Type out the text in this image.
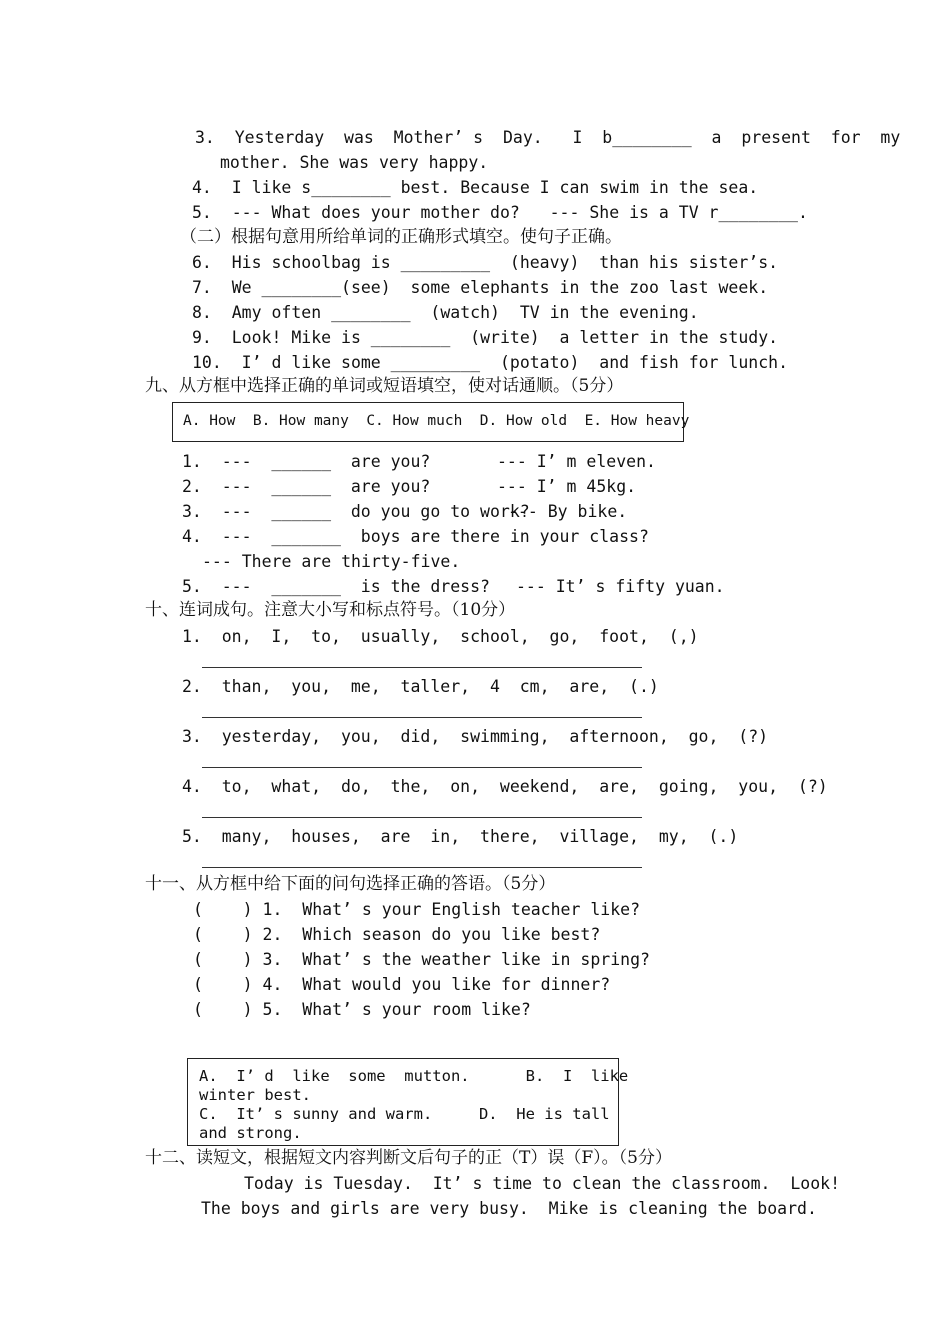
3.  Yesterday  was  Mother’ s  Day.   I  b________  a  present  for  my
mother. She was very happy.
4.  I like s________ best. Because I can swim in the sea.
5.  --- What does your mother do?   --- She is a TV r________.
（二）根据句意用所给单词的正确形式填空。使句子正确。
6.  His schoolbag is _________  (heavy)  than his sister’s.
7.  We ________(see)  some elephants in the zoo last week.
8.  Amy often ________  (watch)  TV in the evening.
9.  Look! Mike is ________  (write)  a letter in the study.
10.  I’ d like some _________  (potato)  and fish for lunch.
九、从方框中选择正确的单词或短语填空，使对话通顺。（5分）
A. How  B. How many  C. How much  D. How old  E. How heavy
1.  ---  ______  are you?	--- I’ m eleven.
2.  ---  ______  are you?	--- I’ m 45kg.
3.  ---  ______  do you go to work?
--- By bike.
4.  ---  _______  boys are there in your class?
--- There are thirty-five.
5.  ---  _______  is the dress? --- It’ s fifty yuan.
十、连词成句。注意大小写和标点符号。（10分）
1.  on,  I,  to,  usually,  school,  go,  foot,  (,)
2.  than,  you,  me,  taller,  4  cm,  are,  (.)
3.  yesterday,  you,  did,  swimming,  afternoon,  go,  (?)
4.  to,  what,  do,  the,  on,  weekend,  are,  going,  you,  (?)
5.  many,  houses,  are  in,  there,  village,  my,  (.)
十一、从方框中给下面的问句选择正确的答语。（5分）
(    ) 1.  What’ s your English teacher like?
(    ) 2.  Which season do you like best?
(    ) 3.  What’ s the weather like in spring?
(    ) 4.  What would you like for dinner?
(    ) 5.  What’ s your room like?
A.  I’ d  like  some  mutton.      B.  I  like
winter best.
C.  It’ s sunny and warm.     D.  He is tall
and strong.
十二、读短文，根据短文内容判断文后句子的正（T）误（F）。（5分）
Today is Tuesday.  It’ s time to clean the classroom.  Look!
The boys and girls are very busy.  Mike is cleaning the board.
